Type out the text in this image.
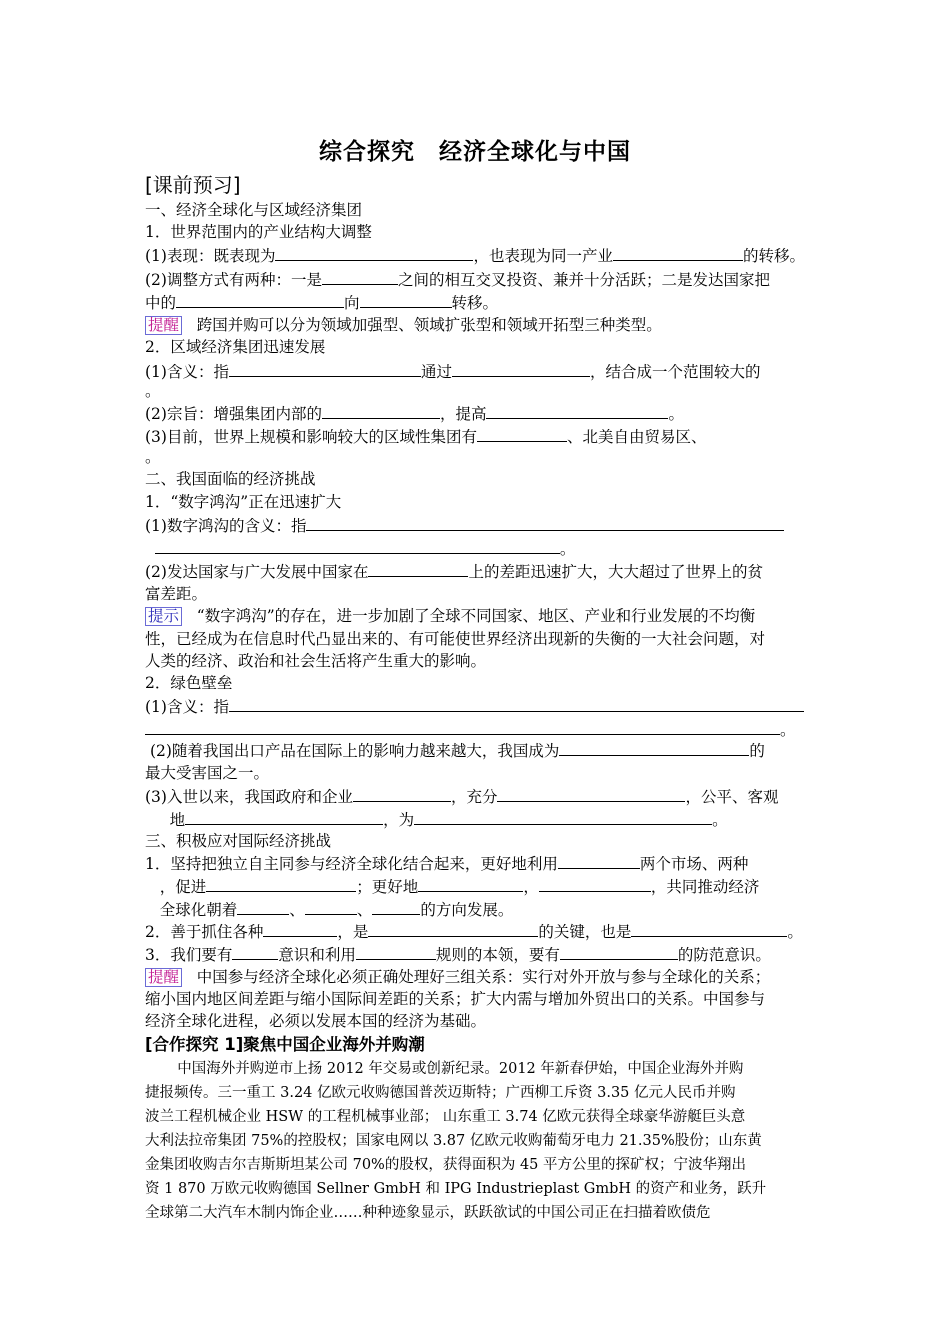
综合探究　经济全球化与中国
[课前预习]
一、经济全球化与区域经济集团
1．世界范围内的产业结构大调整
(1)表现：既表现为	，也表现为同一产业	的转移。
(2)调整方式有两种：一是	之间的相互交叉投资、兼并十分活跃；二是发达国家把
中的	向	转移。
提醒 跨国并购可以分为领域加强型、领域扩张型和领域开拓型三种类型。
2．区域经济集团迅速发展
(1)含义：指	通过	，结合成一个范围较大的
。
(2)宗旨：增强集团内部的	，提高	。
(3)目前，世界上规模和影响较大的区域性集团有	、北美自由贸易区、
。
二、我国面临的经济挑战
1．“数字鸿沟”正在迅速扩大
(1)数字鸿沟的含义：指
。
(2)发达国家与广大发展中国家在	上的差距迅速扩大，大大超过了世界上的贫
富差距。
提示 “数字鸿沟”的存在，进一步加剧了全球不同国家、地区、产业和行业发展的不均衡
性，已经成为在信息时代凸显出来的、有可能使世界经济出现新的失衡的一大社会问题，对
人类的经济、政治和社会生活将产生重大的影响。
2．绿色壁垒
(1)含义：指
。
(2)随着我国出口产品在国际上的影响力越来越大，我国成为	的
最大受害国之一。
(3)入世以来，我国政府和企业	，充分	，公平、客观
地	，为	。
三、积极应对国际经济挑战
1．坚持把独立自主同参与经济全球化结合起来，更好地利用	两个市场、两种
，促进	；更好地	，	，共同推动经济
全球化朝着	、	、	的方向发展。
2．善于抓住各种	，是	的关键，也是	。
3．我们要有	意识和利用	规则的本领，要有	的防范意识。
提醒 中国参与经济全球化必须正确处理好三组关系：实行对外开放与参与全球化的关系；
缩小国内地区间差距与缩小国际间差距的关系；扩大内需与增加外贸出口的关系。中国参与
经济全球化进程，必须以发展本国的经济为基础。
[合作探究 1]聚焦中国企业海外并购潮
中国海外并购逆市上扬 2012 年交易或创新纪录。2012 年新春伊始，中国企业海外并购
捷报频传。三一重工 3.24 亿欧元收购德国普茨迈斯特；广西柳工斥资 3.35 亿元人民币并购
波兰工程机械企业 HSW 的工程机械事业部； 山东重工 3.74 亿欧元获得全球豪华游艇巨头意
大利法拉帝集团 75%的控股权；国家电网以 3.87 亿欧元收购葡萄牙电力 21.35%股份；山东黄
金集团收购吉尔吉斯斯坦某公司 70%的股权，获得面积为 45 平方公里的探矿权；宁波华翔出
资 1 870 万欧元收购德国 Sellner GmbH 和 IPG Industrieplast GmbH 的资产和业务，跃升
全球第二大汽车木制内饰企业……种种迹象显示，跃跃欲试的中国公司正在扫描着欧债危
